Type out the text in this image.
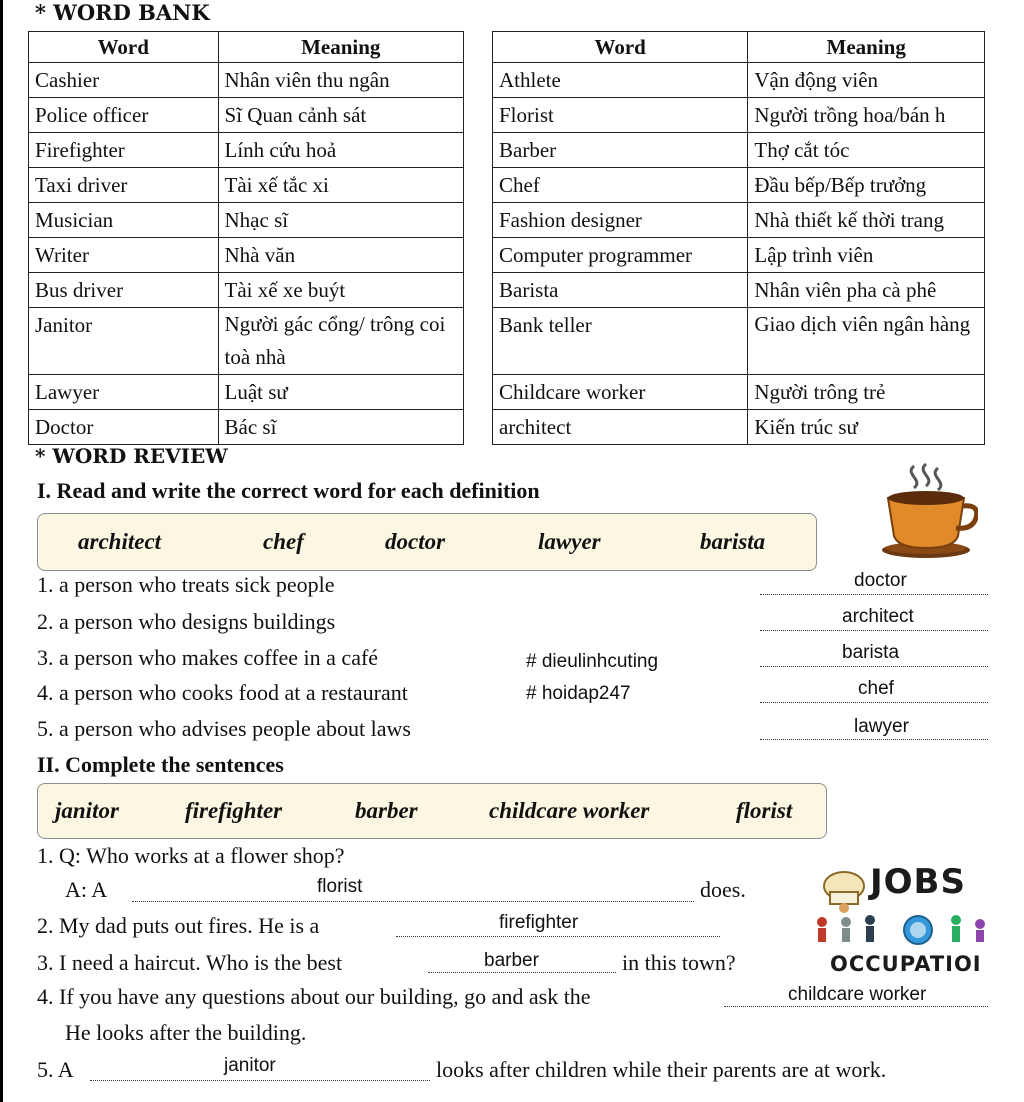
* WORD BANK
Word	Meaning
Cashier	Nhân viên thu ngân
Police officer	Sĩ Quan cảnh sát
Firefighter	Lính cứu hoả
Taxi driver	Tài xế tắc xi
Musician	Nhạc sĩ
Writer	Nhà văn
Bus driver	Tài xế xe buýt
Janitor	Người gác cổng/ trông coi toà nhà
Lawyer	Luật sư
Doctor	Bác sĩ
Word	Meaning
Athlete	Vận động viên
Florist	Người trồng hoa/bán h
Barber	Thợ cắt tóc
Chef	Đầu bếp/Bếp trưởng
Fashion designer	Nhà thiết kế thời trang
Computer programmer	Lập trình viên
Barista	Nhân viên pha cà phê
Bank teller	Giao dịch viên ngân hàng
Childcare worker	Người trông trẻ
architect	Kiến trúc sư
* WORD REVIEW
I. Read and write the correct word for each definition
architect	chef	doctor	lawyer	barista
1. a person who treats sick people	doctor
2. a person who designs buildings	architect
3. a person who makes coffee in a café	# dieulinhcuting	barista
4. a person who cooks food at a restaurant	# hoidap247	chef
5. a person who advises people about laws	lawyer
II. Complete the sentences
janitor	firefighter	barber	childcare worker	florist
1. Q: Who works at a flower shop?
A: A	florist	does.
2. My dad puts out fires. He is a	firefighter
3. I need a haircut. Who is the best	barber	in this town?
4. If you have any questions about our building, go and ask the	childcare worker
He looks after the building.
5. A	janitor	looks after children while their parents are at work.
JOBS
OCCUPATIOI
